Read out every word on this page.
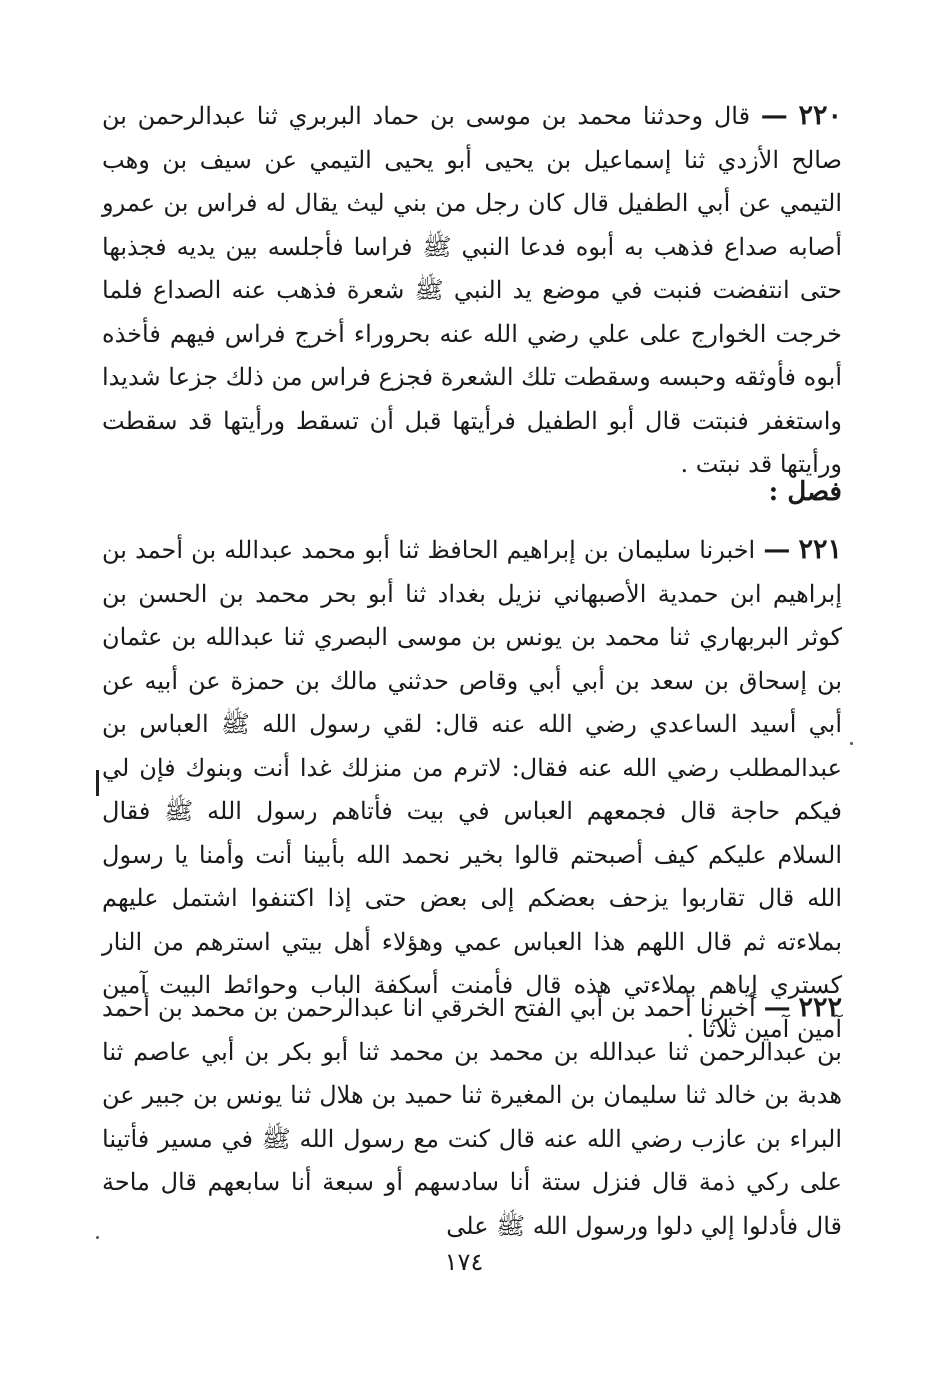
٢٢٠ — قال وحدثنا محمد بن موسى بن حماد البربري ثنا عبدالرحمن بن صالح الأزدي ثنا إسماعيل بن يحيى أبو يحيى التيمي عن سيف بن وهب التيمي عن أبي الطفيل قال كان رجل من بني ليث يقال له فراس بن عمرو أصابه صداع فذهب به أبوه فدعا النبي ﷺ فراسا فأجلسه بين يديه فجذبها حتى انتفضت فنبت في موضع يد النبي ﷺ شعرة فذهب عنه الصداع فلما خرجت الخوارج على علي رضي الله عنه بحروراء أخرج فراس فيهم فأخذه أبوه فأوثقه وحبسه وسقطت تلك الشعرة فجزع فراس من ذلك جزعا شديدا واستغفر فنبتت قال أبو الطفيل فرأيتها قبل أن تسقط ورأيتها قد سقطت ورأيتها قد نبتت .
فصل :
٢٢١ — اخبرنا سليمان بن إبراهيم الحافظ ثنا أبو محمد عبدالله بن أحمد بن إبراهيم ابن حمدية الأصبهاني نزيل بغداد ثنا أبو بحر محمد بن الحسن بن كوثر البربهاري ثنا محمد بن يونس بن موسى البصري ثنا عبدالله بن عثمان بن إسحاق بن سعد بن أبي أبي وقاص حدثني مالك بن حمزة عن أبيه عن أبي أسيد الساعدي رضي الله عنه قال: لقي رسول الله ﷺ العباس بن عبدالمطلب رضي الله عنه فقال: لاترم من منزلك غدا أنت وبنوك فإن لي فيكم حاجة قال فجمعهم العباس في بيت فأتاهم رسول الله ﷺ فقال السلام عليكم كيف أصبحتم قالوا بخير نحمد الله بأبينا أنت وأمنا يا رسول الله قال تقاربوا يزحف بعضكم إلى بعض حتى إذا اكتنفوا اشتمل عليهم بملاءته ثم قال اللهم هذا العباس عمي وهؤلاء أهل بيتي استرهم من النار كستري إياهم بملاءتي هذه قال فأمنت أسكفة الباب وحوائط البيت آمين آمين آمين ثلاثا .
٢٢٢ — أخبرنا أحمد بن أبي الفتح الخرقي انا عبدالرحمن بن محمد بن أحمد بن عبدالرحمن ثنا عبدالله بن محمد بن محمد ثنا أبو بكر بن أبي عاصم ثنا هدبة بن خالد ثنا سليمان بن المغيرة ثنا حميد بن هلال ثنا يونس بن جبير عن البراء بن عازب رضي الله عنه قال كنت مع رسول الله ﷺ في مسير فأتينا على ركي ذمة قال فنزل ستة أنا سادسهم أو سبعة أنا سابعهم قال ماحة قال فأدلوا إلي دلوا ورسول الله ﷺ على
١٧٤
